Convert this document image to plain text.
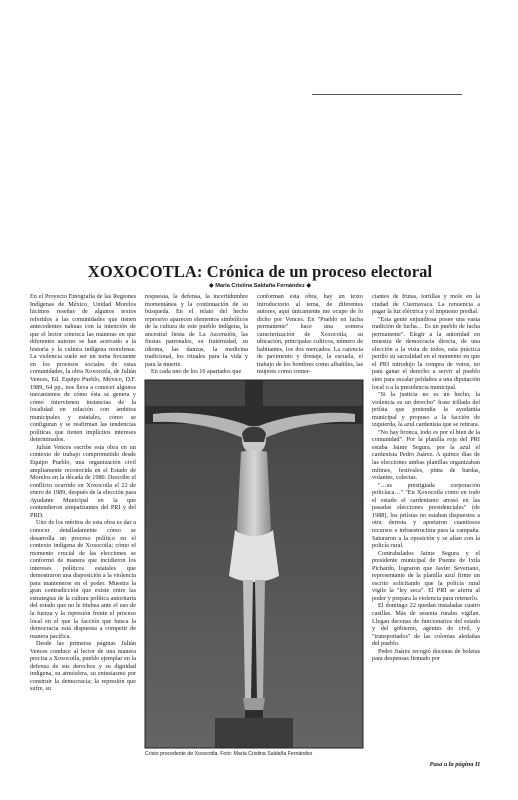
XOXOCOTLA: Crónica de un proceso electoral
◆ María Cristina Saldaña Fernández ◆

En el Proyecto Etnografía de las Regiones Indígenas de México, Unidad Morelos hicimos reseñas de algunos textos referidos a las comunidades que tienen antecedentes nahuas con la intención de que el lector conozca las maneras en que diferentes autores se han acercado a la historia y la cultura indígena morelense. La violencia suele ser un tema frecuente en los procesos sociales de estas comunidades, la obra Xoxocotla, de Julián Vences, Ed. Equipo Pueblo, México, D.F. 1989, 64 pp., nos lleva a conocer algunos mecanismos de cómo ésta se genera y cómo intervienen instancias de la localidad en relación con ámbitos municipales y estatales, cómo se configuran y se reafirman las tendencias políticas que tienen implícitos intereses determinados.

Julián Vences escribe esta obra en un contexto de trabajo comprometido desde Equipo Pueblo, una organización civil ampliamente reconocida en el Estado de Morelos en la década de 1980. Describe el conflicto ocurrido en Xoxocotla el 22 de enero de 1989, después de la elección para Ayudante Municipal en la que contendieron simpatizantes del PRI y del PRD.

Uno de los méritos de esta obra es dar a conocer detalladamente cómo se desarrolla un proceso político en el contexto indígena de Xoxocotla; cómo el momento crucial de las elecciones se conformó de manera que incidieron los intereses políticos estatales que demostraron una disposición a la violencia para mantenerse en el poder. Muestra la gran contradicción que existe entre las estrategias de la cultura política autoritaria del estado que no le titubea ante el uso de la fuerza y la represión frente el proceso local en el que la facción que busca la democracia está dispuesta a competir de manera pacífica.

Desde las primeras páginas Julián Vences conduce al lector de una manera precisa a Xoxocotla, pueblo ejemplar en la defensa de sus derechos y su dignidad indígena, su atmósfera, su entusiasmo por construir la democracia; la represión que sufre, su

respuesta, la defensa, la incertidumbre momentánea y la continuación de su búsqueda. En el relato del hecho represivo aparecen elementos simbólicos de la cultura de este pueblo indígena, la ancestral fiesta de La Ascensión, las fiestas patronales, su fraternidad, su idioma, las danzas, la medicina tradicional, los rituales para la vida y para la muerte.

En cada uno de los 10 apartados que

conforman esta obra, hay un texto introductorio al tema, de diferentes autores, aquí únicamente me ocupo de lo dicho por Vences. En "Pueblo en lucha permanente" hace una somera caracterización de Xoxocotla, su ubicación, principales cultivos, número de habitantes, los dos mercados. La carencia de pavimento y drenaje, la escuela, el trabajo de los hombres como albañiles, las mujeres como comer-

ciantes de frutas, tortillas y mole en la ciudad de Cuernavaca. La renuencia a pagar la luz eléctrica y el impuesto predial.

"Esta gente enjundiosa posee una vasta tradición de lucha… Es un pueblo de lucha permanente". Elegir a la autoridad en muestra de democracia directa, de una elección a la vista de todos, esta práctica perdió su sacralidad en el momento en que el PRI introdujo la compra de votos, no para ganar el derecho a servir al pueblo sino para escalar peldaños a una diputación local o a la presidencia municipal.

"Si la justicia no es un hecho, la violencia es un derecho" frase trillada del priísta que pretendía la ayudantía municipal y propuso a la facción de izquierda, la azul cardenista que se retirara.

"No hay bronca, todo es por el bien de la comunidad". Por la planilla roja del PRI estaba Jaime Segura, por la azul el cardenista Pedro Juárez. A quince días de las elecciones ambas planillas organizaban mítines, festivales, pinta de bardas, volantes, colectas.

"…es prestigiada corporación policíaca…" "En Xoxocotla como en todo el estado el cardenismo arrasó en las pasadas elecciones presidenciales" (de 1988), los priístas no estaban dispuestos a otra derrota y aportaron cuantiosos recursos e infraestructura para la campaña. Saturaron a la oposición y se alían con la policía rural.

Contrabalados Jaime Segura y el presidente municipal de Puente de Ixtla Pichardo, lograron que Javier Severiano, representante de la planilla azul firme un escrito solicitando que la policía rural vigile la "ley seca". El PRI se aferra al poder y prepara la violencia para retenerlo.

El domingo 22 quedan instaladas cuatro casillas. Más de sesenta rurales vigilan. Llegan decenas de funcionarios del estado y del gobierno, agentes de civil, y "transportados" de las colonias aledañas del pueblo.

Pedro Juárez recogió docenas de boletas para despensas firmado por

Cristo procedente de Xoxocotla. Foto: María Cristina Saldaña Fernández
Pasa a la página II
